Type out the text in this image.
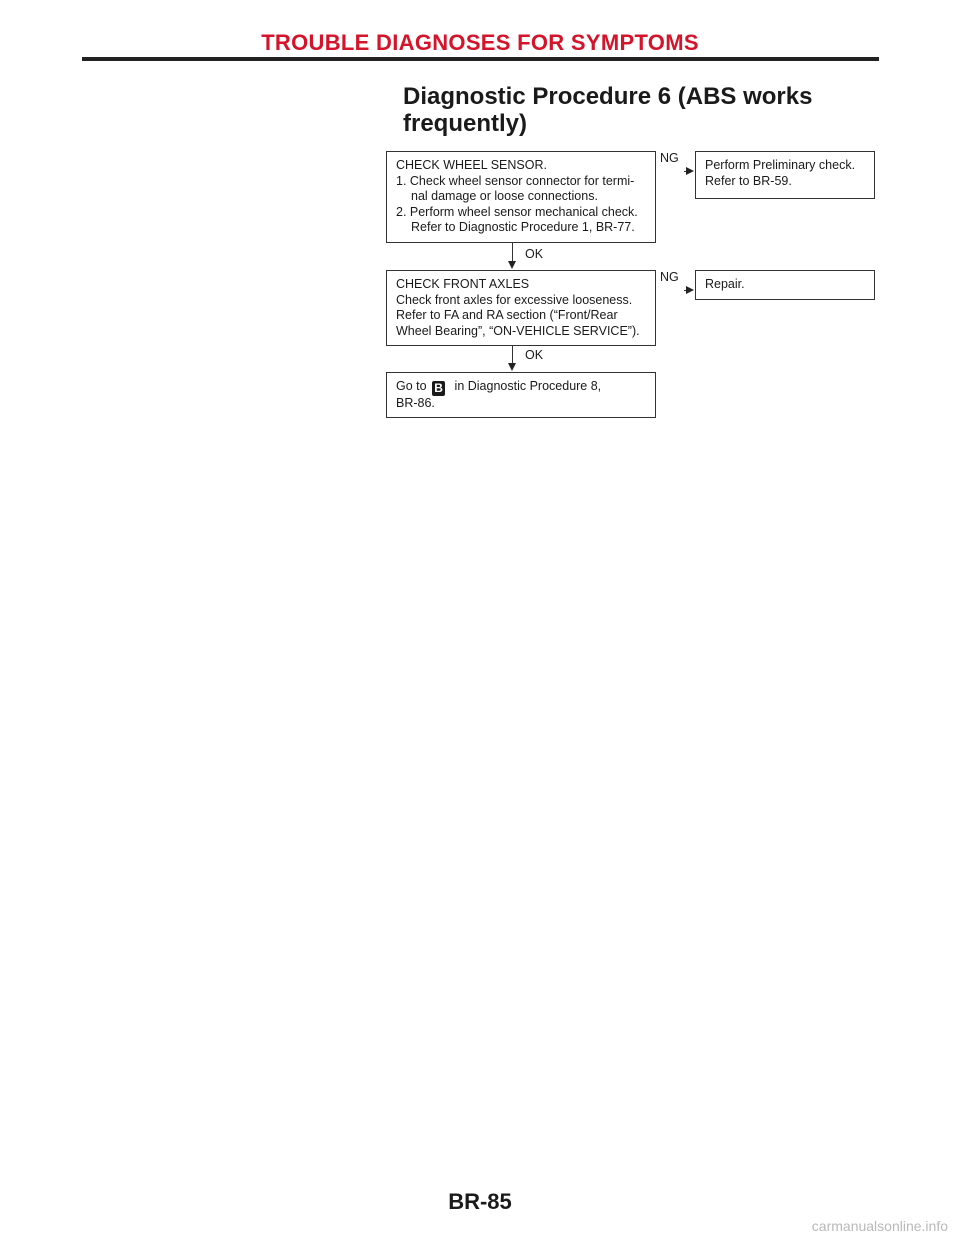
TROUBLE DIAGNOSES FOR SYMPTOMS
Diagnostic Procedure 6 (ABS works
frequently)
CHECK WHEEL SENSOR.
1. Check wheel sensor connector for termi-
nal damage or loose connections.
2. Perform wheel sensor mechanical check.
Refer to Diagnostic Procedure 1, BR-77.
NG Perform Preliminary check.
Refer to BR-59.
OK
CHECK FRONT AXLES
Check front axles for excessive looseness.
Refer to FA and RA section (“Front/Rear
Wheel Bearing”, “ON-VEHICLE SERVICE”).
NG Repair.
OK
Go to B in Diagnostic Procedure 8,
BR-86.
BR-85
carmanualsonline.info
